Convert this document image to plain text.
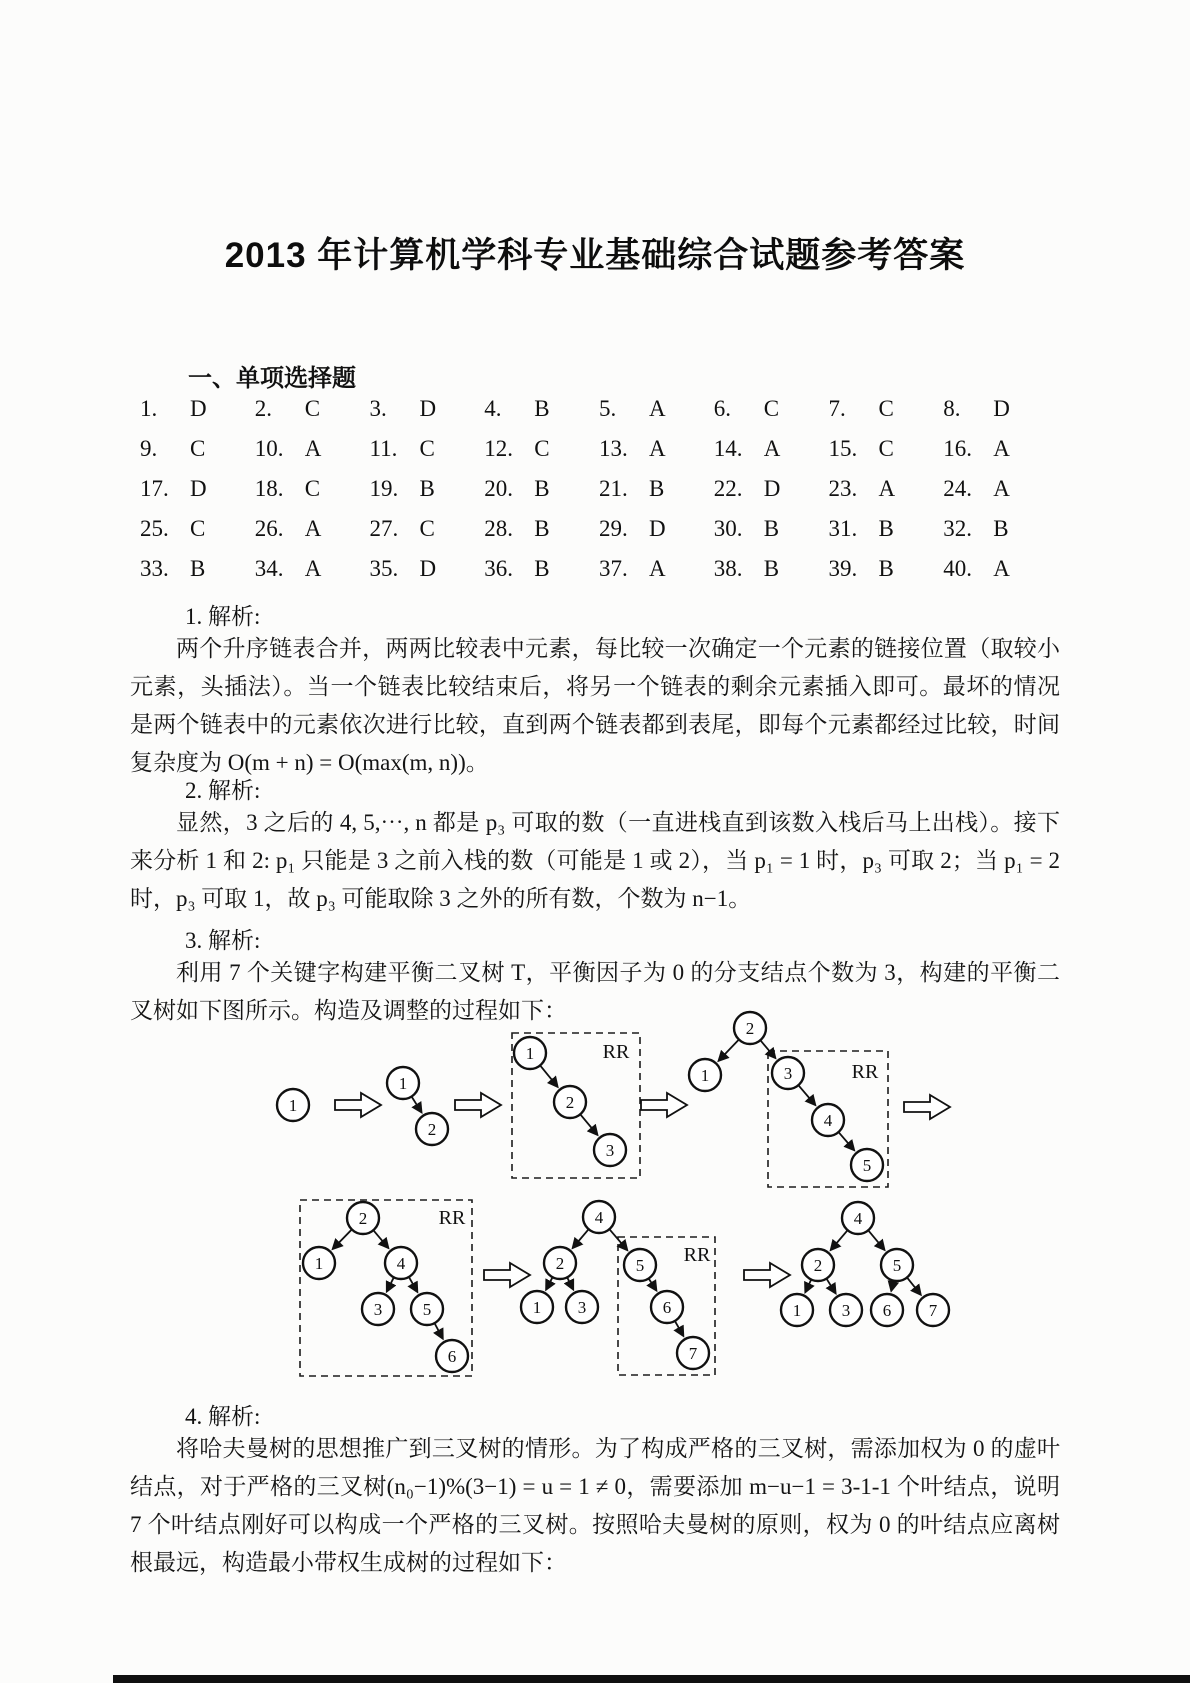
2013 年计算机学科专业基础综合试题参考答案
一、单项选择题
1.	D 2.	C 3.	D 4.	B 5.	A 6.	C 7.	C 8.	D
9.	C 10. A 11. C 12. C 13. A 14. A 15. C 16. A
17. D 18. C 19. B 20. B 21. B 22. D 23. A 24. A
25. C 26. A 27. C 28. B 29. D 30. B 31. B 32. B
33. B 34. A 35. D 36. B 37. A 38. B 39. B 40. A
1. 解析:
两个升序链表合并，两两比较表中元素，每比较一次确定一个元素的链接位置（取较小元素，头插法）。当一个链表比较结束后，将另一个链表的剩余元素插入即可。最坏的情况是两个链表中的元素依次进行比较，直到两个链表都到表尾，即每个元素都经过比较，时间复杂度为 O(m + n) = O(max(m, n))。
2. 解析:
显然，3 之后的 4, 5,⋯, n 都是 p₃ 可取的数（一直进栈直到该数入栈后马上出栈）。接下来分析 1 和 2: p₁ 只能是 3 之前入栈的数（可能是 1 或 2），当 p₁ = 1 时，p₃ 可取 2；当 p₁ = 2 时，p₃ 可取 1，故 p₃ 可能取除 3 之外的所有数，个数为 n−1。
3. 解析:
利用 7 个关键字构建平衡二叉树 T，平衡因子为 0 的分支结点个数为 3，构建的平衡二叉树如下图所示。构造及调整的过程如下：
RR
RR
1
1
2
1
2
3
2
1	3
4
5
RR
RR
2
1	4
3 5
6
4
2
1 3
5
6
7
4
2	5
1 3 6 7
4. 解析:
将哈夫曼树的思想推广到三叉树的情形。为了构成严格的三叉树，需添加权为 0 的虚叶结点，对于严格的三叉树(n₀−1)%(3−1) = u = 1 ≠ 0，需要添加 m−u−1 = 3-1-1 个叶结点，说明 7 个叶结点刚好可以构成一个严格的三叉树。按照哈夫曼树的原则，权为 0 的叶结点应离树根最远，构造最小带权生成树的过程如下：
